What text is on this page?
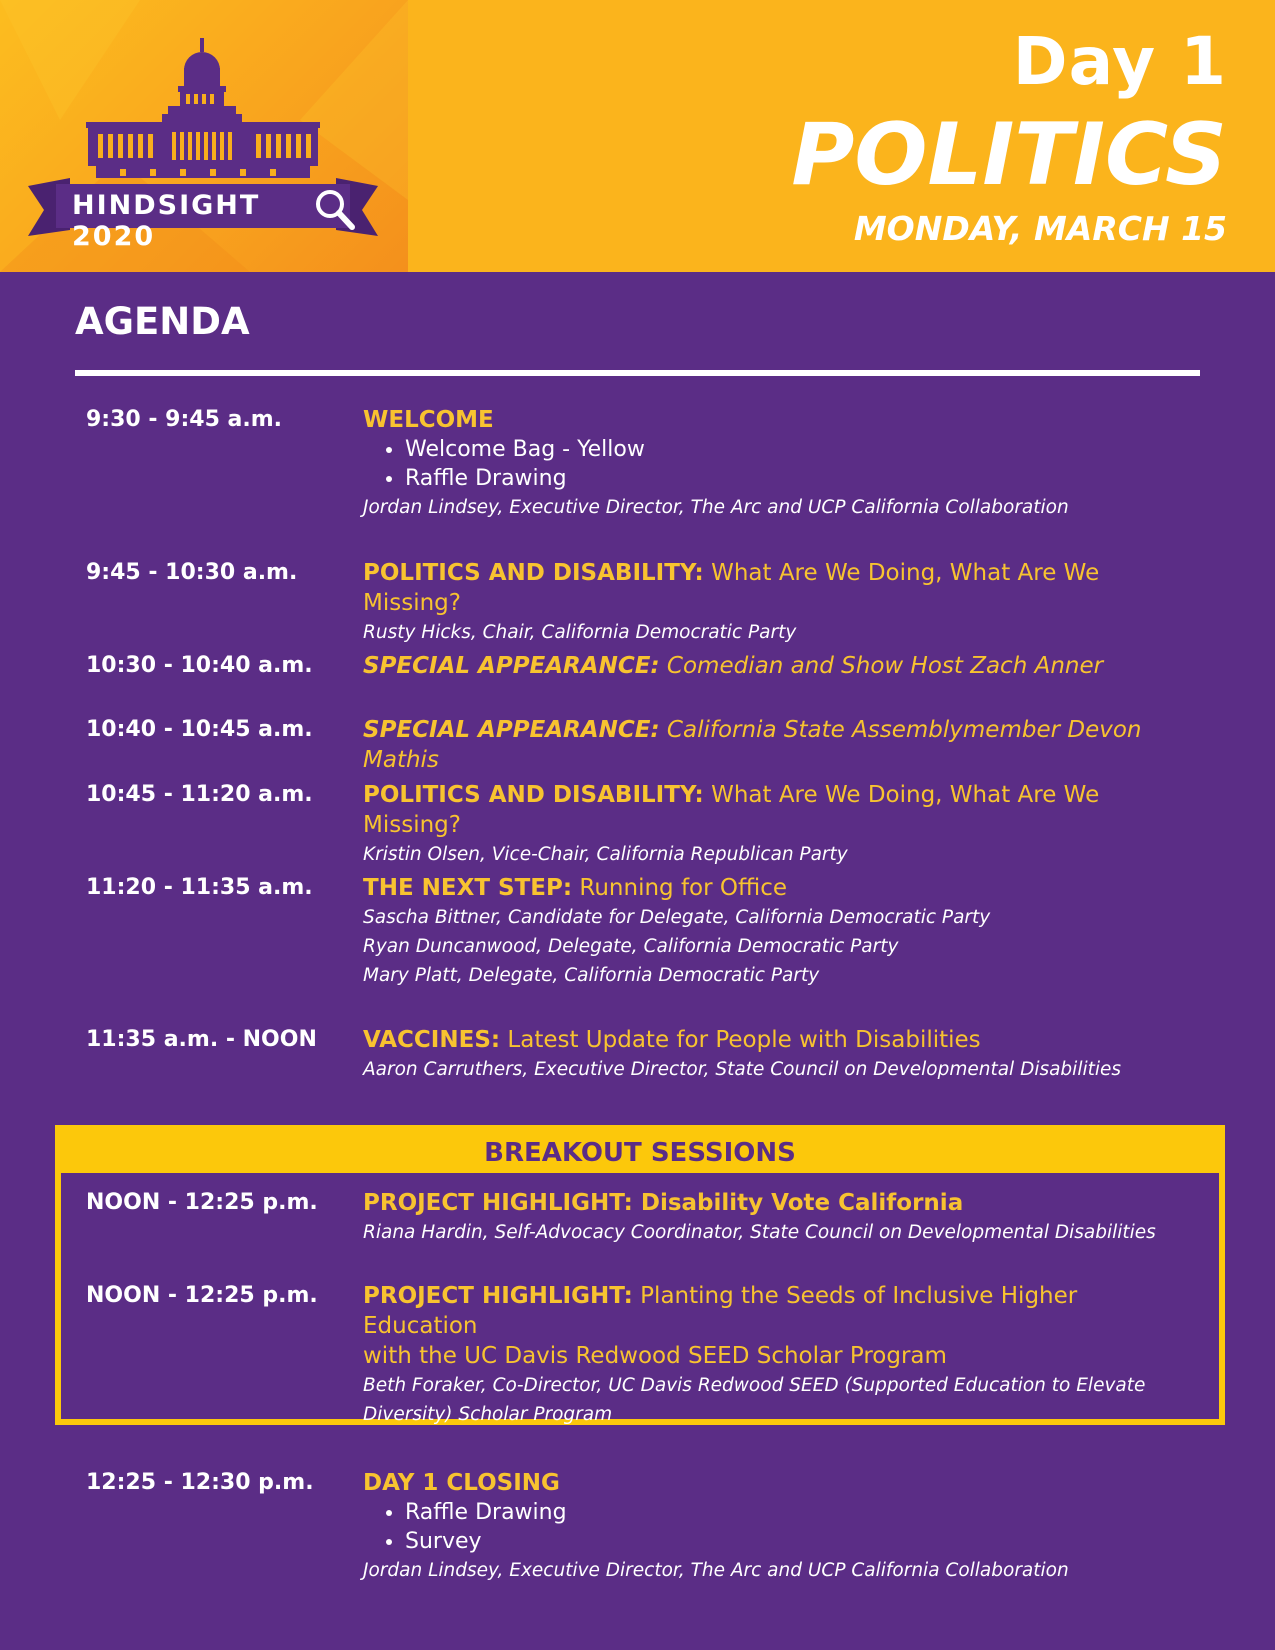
HINDSIGHT 2020
Day 1
POLITICS
MONDAY, MARCH 15
AGENDA
9:30 - 9:45 a.m.	WELCOME
• Welcome Bag - Yellow
• Raffle Drawing
Jordan Lindsey, Executive Director, The Arc and UCP California Collaboration
9:45 - 10:30 a.m.	POLITICS AND DISABILITY: What Are We Doing, What Are We Missing?
Rusty Hicks, Chair, California Democratic Party
10:30 - 10:40 a.m. SPECIAL APPEARANCE: Comedian and Show Host Zach Anner
10:40 - 10:45 a.m. SPECIAL APPEARANCE: California State Assemblymember Devon Mathis
10:45 - 11:20 a.m. POLITICS AND DISABILITY: What Are We Doing, What Are We Missing?
Kristin Olsen, Vice-Chair, California Republican Party
11:20 - 11:35 a.m. THE NEXT STEP: Running for Office
Sascha Bittner, Candidate for Delegate, California Democratic Party
Ryan Duncanwood, Delegate, California Democratic Party
Mary Platt, Delegate, California Democratic Party
11:35 a.m. - NOON VACCINES: Latest Update for People with Disabilities
Aaron Carruthers, Executive Director, State Council on Developmental Disabilities
BREAKOUT SESSIONS
NOON - 12:25 p.m. PROJECT HIGHLIGHT: Disability Vote California
Riana Hardin, Self-Advocacy Coordinator, State Council on Developmental Disabilities
NOON - 12:25 p.m. PROJECT HIGHLIGHT: Planting the Seeds of Inclusive Higher Education
with the UC Davis Redwood SEED Scholar Program
Beth Foraker, Co-Director, UC Davis Redwood SEED (Supported Education to Elevate
Diversity) Scholar Program
12:25 - 12:30 p.m. DAY 1 CLOSING
• Raffle Drawing
• Survey
Jordan Lindsey, Executive Director, The Arc and UCP California Collaboration
